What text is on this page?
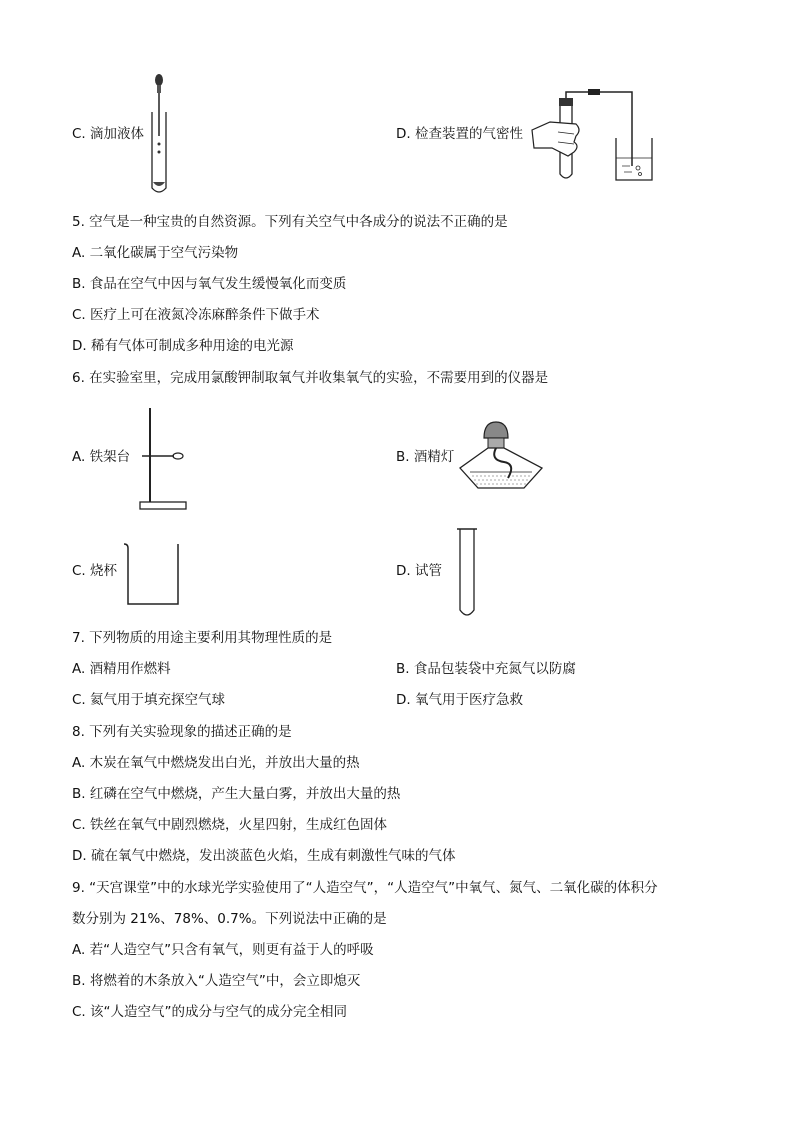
C. 滴加液体	D. 检查装置的气密性
5. 空气是一种宝贵的自然资源。下列有关空气中各成分的说法不正确的是
A. 二氧化碳属于空气污染物
B. 食品在空气中因与氧气发生缓慢氧化而变质
C. 医疗上可在液氮冷冻麻醉条件下做手术
D. 稀有气体可制成多种用途的电光源
6. 在实验室里，完成用氯酸钾制取氧气并收集氧气的实验，不需要用到的仪器是
A. 铁架台	B. 酒精灯
C. 烧杯	D. 试管
7. 下列物质的用途主要利用其物理性质的是
A. 酒精用作燃料	B. 食品包装袋中充氮气以防腐
C. 氦气用于填充探空气球	D. 氧气用于医疗急救
8. 下列有关实验现象的描述正确的是
A. 木炭在氧气中燃烧发出白光，并放出大量的热
B. 红磷在空气中燃烧，产生大量白雾，并放出大量的热
C. 铁丝在氧气中剧烈燃烧，火星四射，生成红色固体
D. 硫在氧气中燃烧，发出淡蓝色火焰，生成有刺激性气味的气体
9. “天宫课堂”中的水球光学实验使用了“人造空气”，“人造空气”中氧气、氮气、二氧化碳的体积分
数分别为 21%、78%、0.7%。下列说法中正确的是
A. 若“人造空气”只含有氧气，则更有益于人的呼吸
B. 将燃着的木条放入“人造空气”中，会立即熄灭
C. 该“人造空气”的成分与空气的成分完全相同
